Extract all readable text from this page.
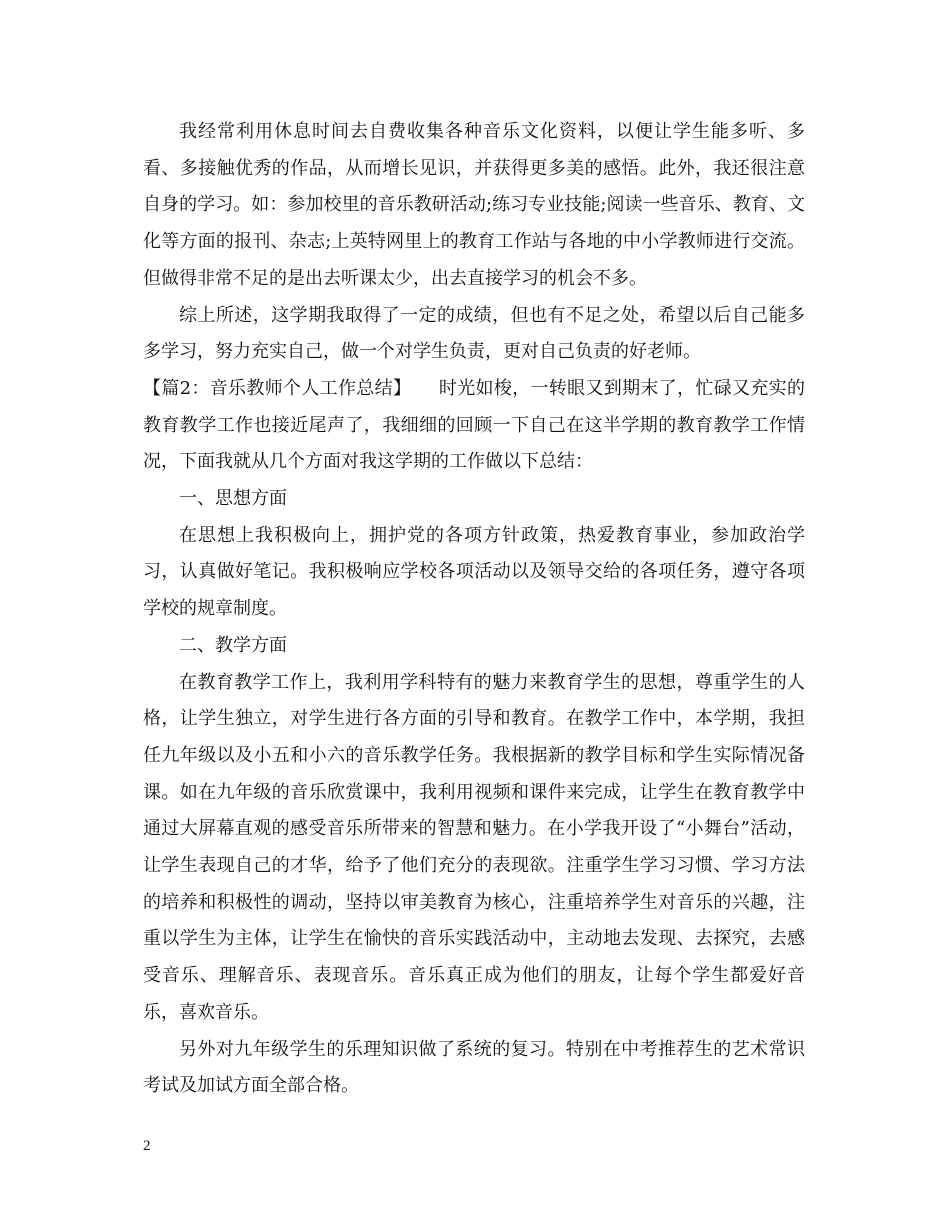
我经常利用休息时间去自费收集各种音乐文化资料，以便让学生能多听、多看、多接触优秀的作品，从而增长见识，并获得更多美的感悟。此外，我还很注意自身的学习。如：参加校里的音乐教研活动;练习专业技能;阅读一些音乐、教育、文化等方面的报刊、杂志;上英特网里上的教育工作站与各地的中小学教师进行交流。但做得非常不足的是出去听课太少，出去直接学习的机会不多。

综上所述，这学期我取得了一定的成绩，但也有不足之处，希望以后自己能多多学习，努力充实自己，做一个对学生负责，更对自己负责的好老师。

【篇2：音乐教师个人工作总结】　　时光如梭，一转眼又到期末了，忙碌又充实的教育教学工作也接近尾声了，我细细的回顾一下自己在这半学期的教育教学工作情况，下面我就从几个方面对我这学期的工作做以下总结：

一、思想方面

在思想上我积极向上，拥护党的各项方针政策，热爱教育事业，参加政治学习，认真做好笔记。我积极响应学校各项活动以及领导交给的各项任务，遵守各项学校的规章制度。

二、教学方面

在教育教学工作上，我利用学科特有的魅力来教育学生的思想，尊重学生的人格，让学生独立，对学生进行各方面的引导和教育。在教学工作中，本学期，我担任九年级以及小五和小六的音乐教学任务。我根据新的教学目标和学生实际情况备课。如在九年级的音乐欣赏课中，我利用视频和课件来完成，让学生在教育教学中通过大屏幕直观的感受音乐所带来的智慧和魅力。在小学我开设了“小舞台”活动，让学生表现自己的才华，给予了他们充分的表现欲。注重学生学习习惯、学习方法的培养和积极性的调动，坚持以审美教育为核心，注重培养学生对音乐的兴趣，注重以学生为主体，让学生在愉快的音乐实践活动中，主动地去发现、去探究，去感受音乐、理解音乐、表现音乐。音乐真正成为他们的朋友，让每个学生都爱好音乐，喜欢音乐。

另外对九年级学生的乐理知识做了系统的复习。特别在中考推荐生的艺术常识考试及加试方面全部合格。

2
